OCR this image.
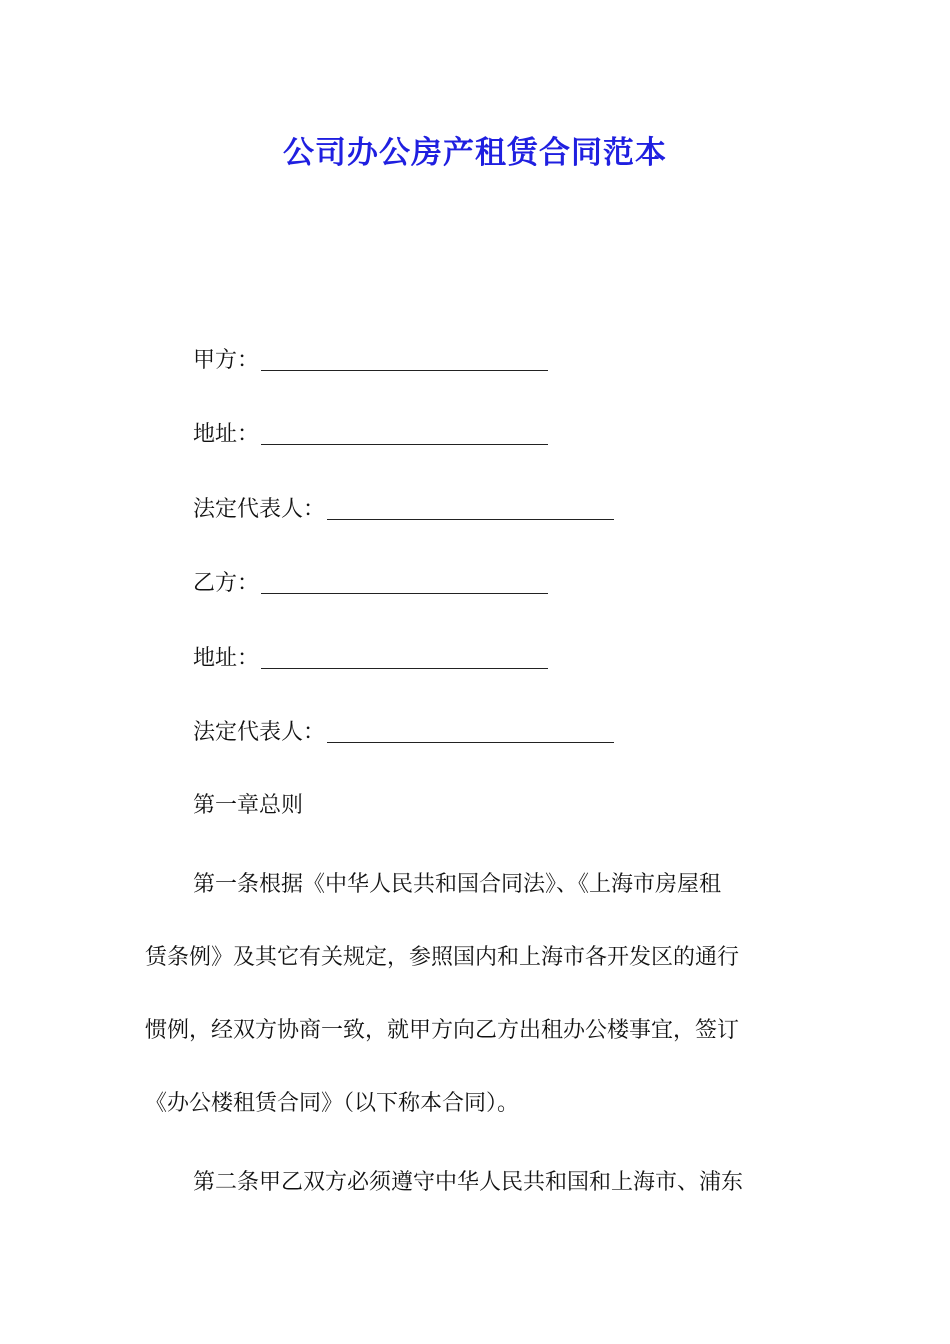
公司办公房产租赁合同范本
甲方：
地址：
法定代表人：
乙方：
地址：
法定代表人：
第一章总则
第一条根据《中华人民共和国合同法》、《上海市房屋租
赁条例》及其它有关规定，参照国内和上海市各开发区的通行
惯例，经双方协商一致，就甲方向乙方出租办公楼事宜，签订
《办公楼租赁合同》（以下称本合同）。
第二条甲乙双方必须遵守中华人民共和国和上海市、浦东
